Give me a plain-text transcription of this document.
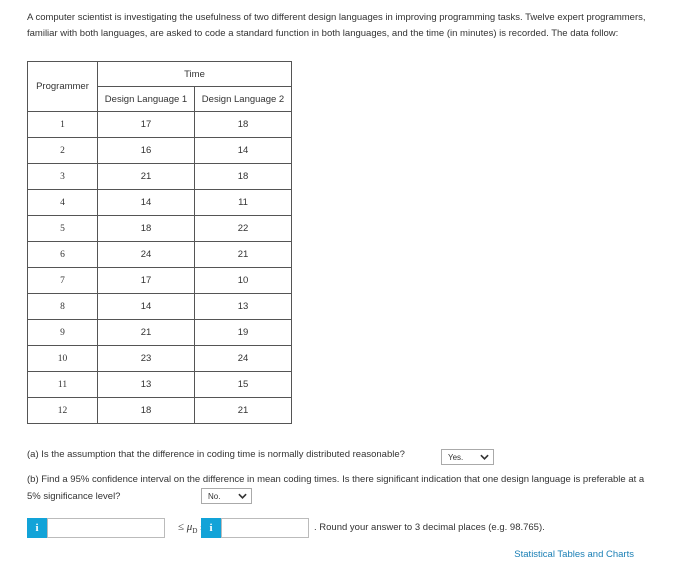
A computer scientist is investigating the usefulness of two different design languages in improving programming tasks. Twelve expert programmers, familiar with both languages, are asked to code a standard function in both languages, and the time (in minutes) is recorded. The data follow:
Programmer	Time	
	Design Language 1	Design Language 2
1	17	18
2	16	14
3	21	18
4	14	11
5	18	22
6	24	21
7	17	10
8	14	13
9	21	19
10	23	24
11	13	15
12	18	21
(a) Is the assumption that the difference in coding time is normally distributed reasonable?	Yes.
(b) Find a 95% confidence interval on the difference in mean coding times. Is there significant indication that one design language is preferable at a 5% significance level?	No.
i	≤ $\mu_D$	i	. Round your answer to 3 decimal places (e.g. 98.765).
Statistical Tables and Charts
